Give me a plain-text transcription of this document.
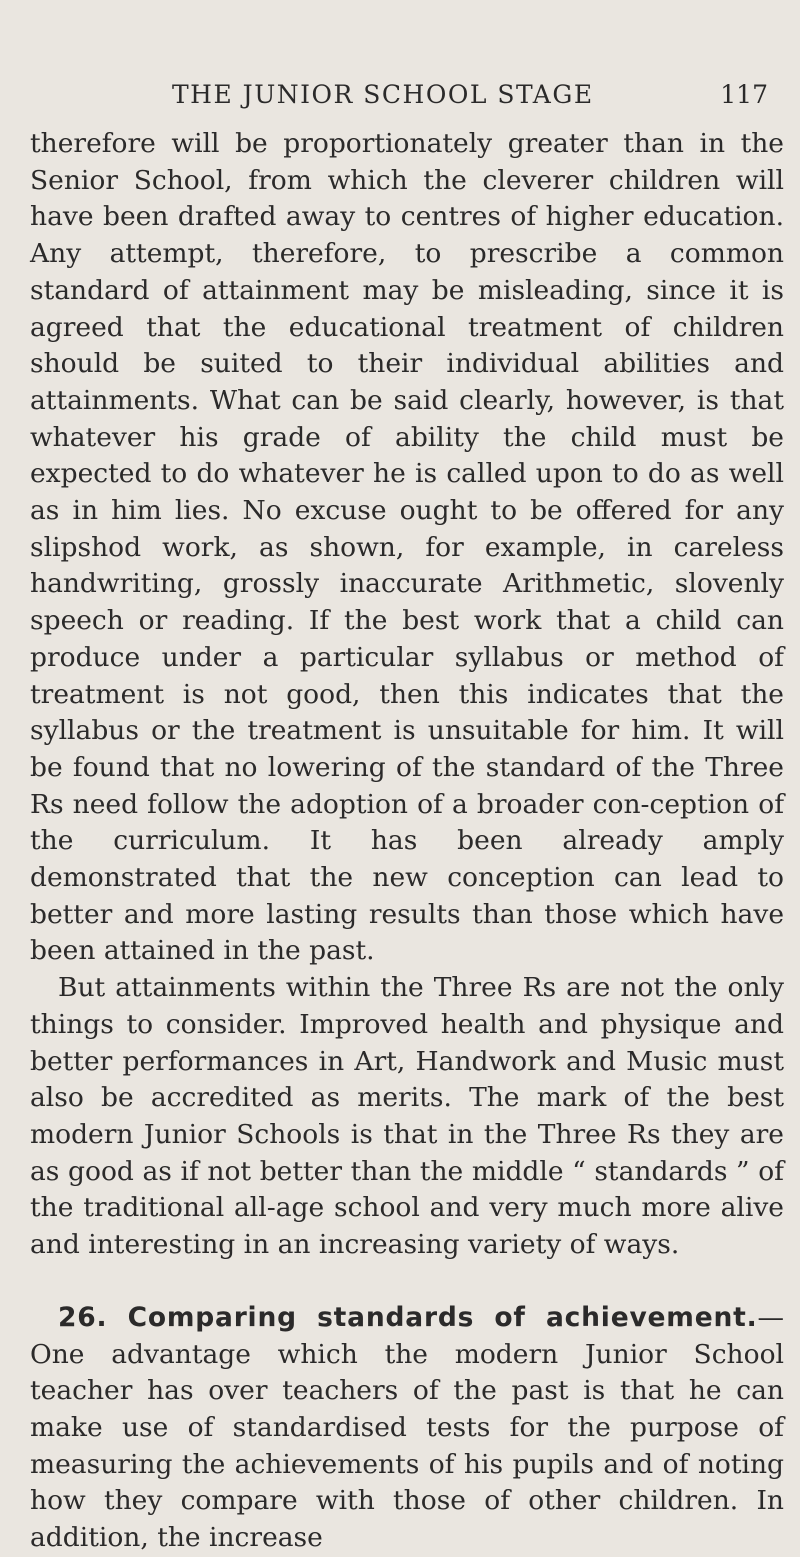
THE JUNIOR SCHOOL STAGE	117

therefore will be proportionately greater than in the Senior School, from which the cleverer children will have been drafted away to centres of higher education. Any attempt, therefore, to prescribe a common standard of attainment may be misleading, since it is agreed that the educational treatment of children should be suited to their individual abilities and attainments. What can be said clearly, however, is that whatever his grade of ability the child must be expected to do whatever he is called upon to do as well as in him lies. No excuse ought to be offered for any slipshod work, as shown, for example, in careless handwriting, grossly inaccurate Arithmetic, slovenly speech or reading. If the best work that a child can produce under a particular syllabus or method of treatment is not good, then this indicates that the syllabus or the treatment is unsuitable for him. It will be found that no lowering of the standard of the Three Rs need follow the adoption of a broader con-ception of the curriculum. It has been already amply demonstrated that the new conception can lead to better and more lasting results than those which have been attained in the past.

But attainments within the Three Rs are not the only things to consider. Improved health and physique and better performances in Art, Handwork and Music must also be accredited as merits. The mark of the best modern Junior Schools is that in the Three Rs they are as good as if not better than the middle “ standards ” of the traditional all-age school and very much more alive and interesting in an increasing variety of ways.

26. Comparing standards of achievement.—One advantage which the modern Junior School teacher has over teachers of the past is that he can make use of standardised tests for the purpose of measuring the achievements of his pupils and of noting how they compare with those of other children. In addition, the increase
